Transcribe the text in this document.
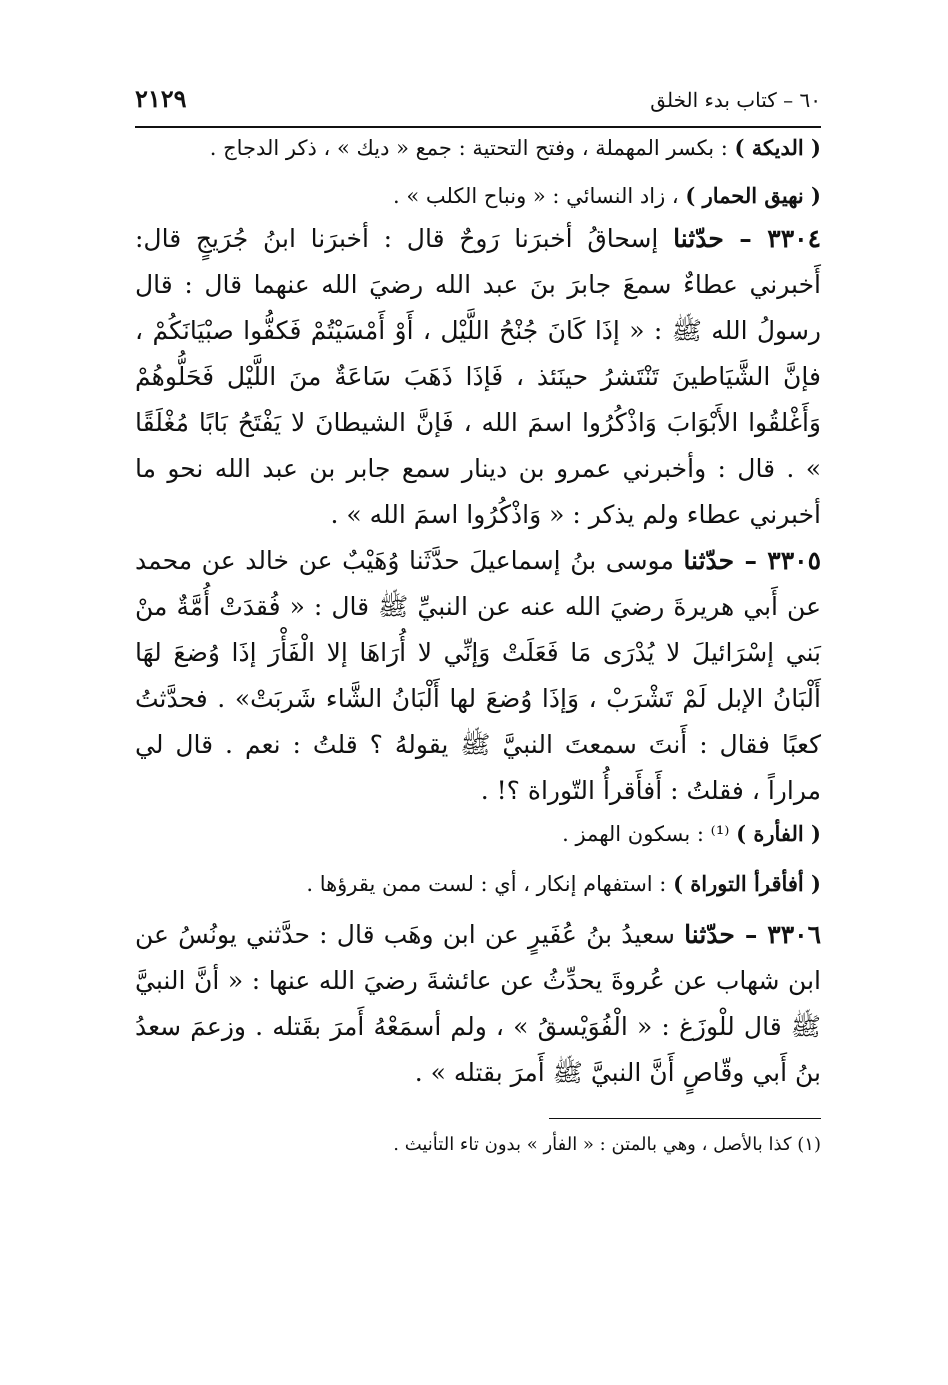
٦٠ – كتاب بدء الخلق
٢١٢٩

( الديكة ) : بكسر المهملة ، وفتح التحتية : جمع « ديك » ، ذكر الدجاج .

( نهيق الحمار ) ، زاد النسائي : « ونباح الكلب » .

٣٣٠٤ – حدّثنا إسحاقُ أخبرَنا رَوحٌ قال : أخبرَنا ابنُ جُرَيجٍ قال: أَخبرني عطاءٌ سمعَ جابرَ بنَ عبد الله رضيَ الله عنهما قال : قال رسولُ الله ﷺ : « إذَا كَانَ جُنْحُ اللَّيْل ، أَوْ أَمْسَيْتُمْ فَكفُّوا صبْيَانَكُمْ ، فإنَّ الشَّيَاطينَ تَنْتَشرُ حينَئذ ، فَإذَا ذَهَبَ سَاعَةٌ منَ اللَّيْل فَحَلُّوهُمْ وَأَغْلقُوا الأَبْوَابَ وَاذْكُرُوا اسمَ الله ، فَإنَّ الشيطانَ لا يَفْتَحُ بَابًا مُغْلَقًا » . قال : وأخبرني عمرو بن دينار سمع جابر بن عبد الله نحو ما أخبرني عطاء ولم يذكر : « وَاذْكُرُوا اسمَ الله » .

٣٣٠٥ – حدّثنا موسى بنُ إسماعيلَ حدَّثَنا وُهَيْبٌ عن خالد عن محمد عن أَبي هريرةَ رضيَ الله عنه عن النبيِّ ﷺ قال : « فُقدَتْ أُمَّةٌ منْ بَني إسْرَائيلَ لا يُدْرَى مَا فَعَلَتْ وَإنِّي لا أُرَاهَا إلا الْفَأْرَ إذَا وُضعَ لهَا أَلْبَانُ الإبل لَمْ تَشْرَبْ ، وَإذَا وُضعَ لها أَلْبَانُ الشَّاء شَربَتْ» . فحدَّثتُ كعبًا فقال : أَنتَ سمعتَ النبيَّ ﷺ يقولهُ ؟ قلتُ : نعم . قال لي مراراً ، فقلتُ : أَفأَقرأُ التّوراة ؟! .

( الفأرة ) ⁽¹⁾ : بسكون الهمز .

( أفأقرأ التوراة ) : استفهام إنكار ، أي : لست ممن يقرؤها .

٣٣٠٦ – حدّثنا سعيدُ بنُ عُفَيرٍ عن ابن وهَب قال : حدَّثني يونُسُ عن ابن شهاب عن عُروةَ يحدِّثُ عن عائشةَ رضيَ الله عنها : « أنَّ النبيَّ ﷺ قال للْوزَغ : « الْفُوَيْسقُ » ، ولم أسمَعْهُ أَمرَ بقَتله . وزعمَ سعدُ بنُ أَبي وقّاصٍ أَنَّ النبيَّ ﷺ أَمرَ بقتله » .

(١) كذا بالأصل ، وهي بالمتن : « الفأر » بدون تاء التأنيث .
